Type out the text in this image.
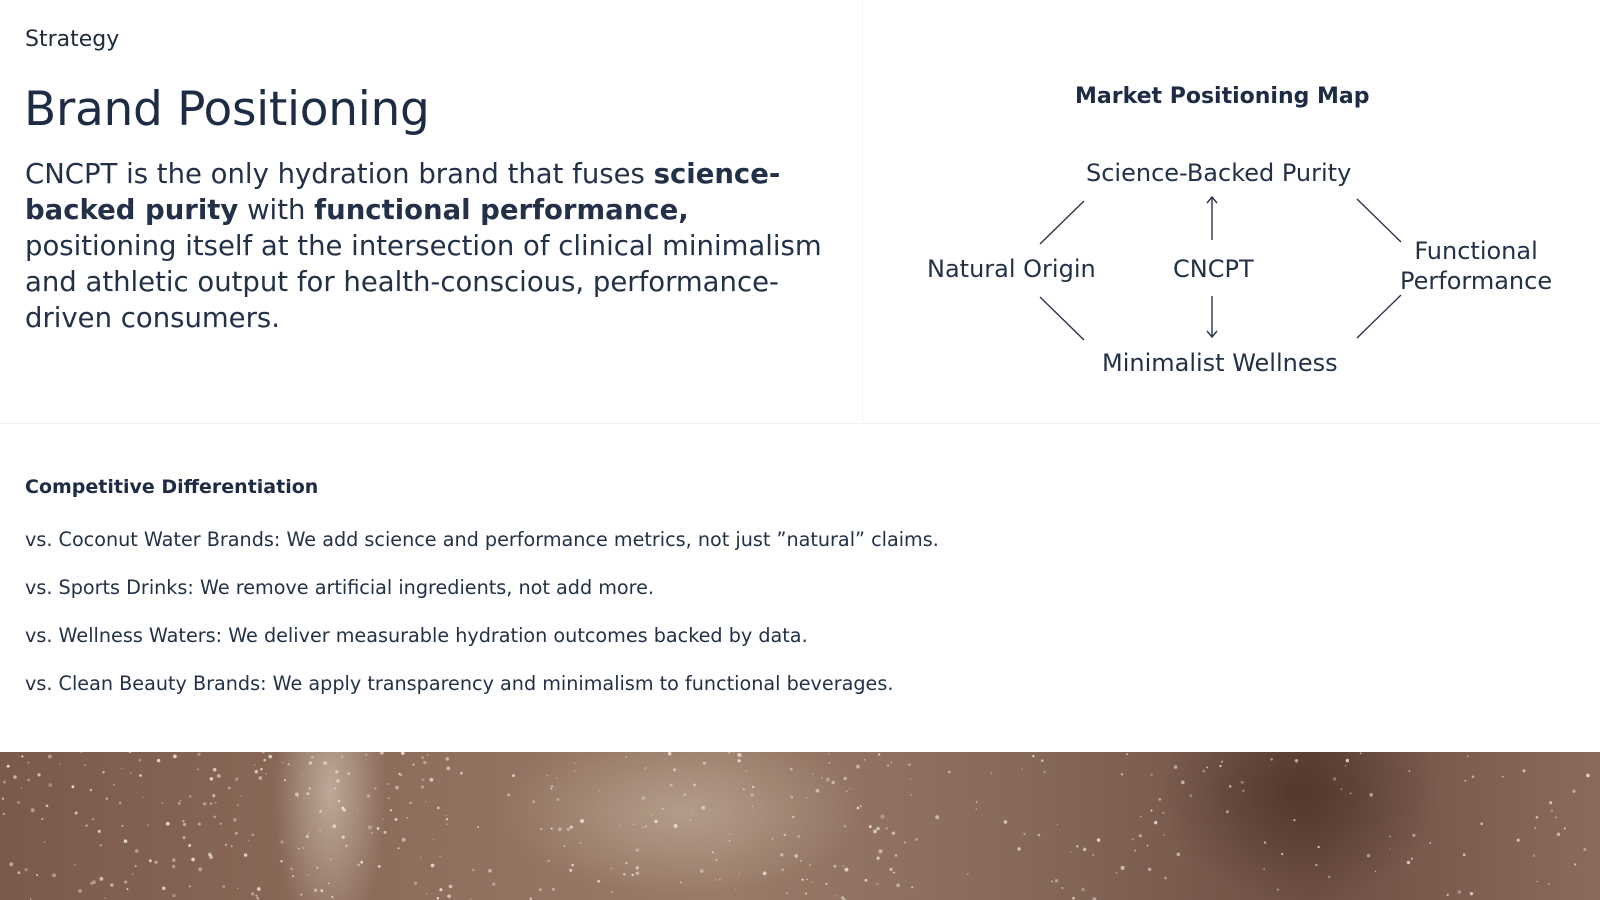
Strategy
Brand Positioning

CNCPT is the only hydration brand that fuses science-backed purity with functional performance, positioning itself at the intersection of clinical minimalism and athletic output for health-conscious, performance-driven consumers.

Market Positioning Map
Science-Backed Purity
Natural Origin	CNCPT
Functional
Performance
Minimalist Wellness
Competitive Differentiation
vs. Coconut Water Brands: We add science and performance metrics, not just ”natural” claims.
vs. Sports Drinks: We remove artificial ingredients, not add more.
vs. Wellness Waters: We deliver measurable hydration outcomes backed by data.
vs. Clean Beauty Brands: We apply transparency and minimalism to functional beverages.
